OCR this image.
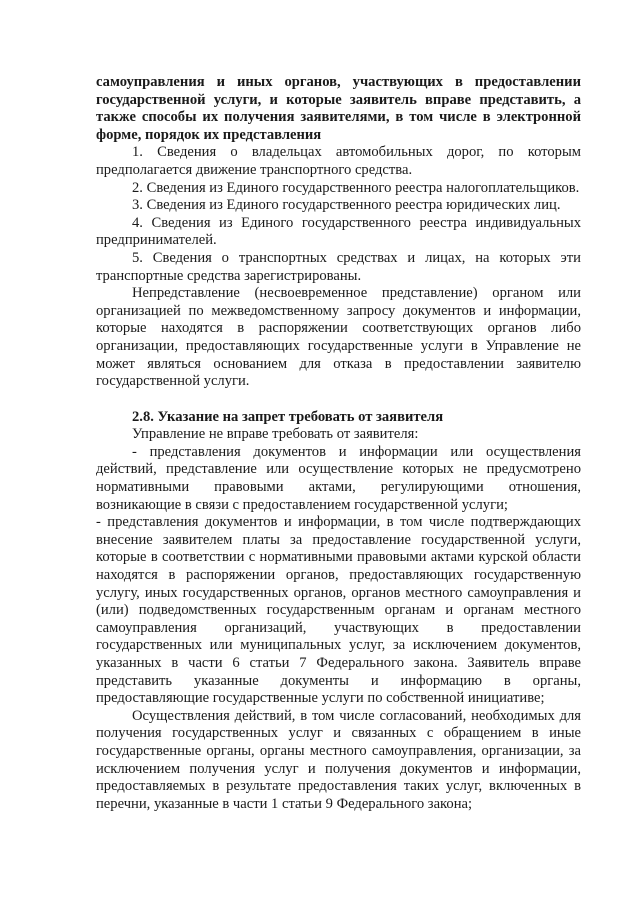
самоуправления и иных органов, участвующих в предоставлении государственной услуги, и которые заявитель вправе представить, а также способы их получения заявителями, в том числе в электронной форме, порядок их представления

1. Сведения о владельцах автомобильных дорог, по которым предполагается движение транспортного средства.

2. Сведения из Единого государственного реестра налогоплательщиков.

3. Сведения из Единого государственного реестра юридических лиц.

4. Сведения из Единого государственного реестра индивидуальных предпринимателей.

5. Сведения о транспортных средствах и лицах, на которых эти транспортные средства зарегистрированы.

Непредставление (несвоевременное представление) органом или организацией по межведомственному запросу документов и информации, которые находятся в распоряжении соответствующих органов либо организации, предоставляющих государственные услуги в Управление не может являться основанием для отказа в предоставлении заявителю государственной услуги.

2.8. Указание на запрет требовать от заявителя

Управление не вправе требовать от заявителя:

- представления документов и информации или осуществления действий, представление или осуществление которых не предусмотрено нормативными правовыми актами, регулирующими отношения, возникающие в связи с предоставлением государственной услуги;

- представления документов и информации, в том числе подтверждающих внесение заявителем платы за предоставление государственной услуги, которые в соответствии с нормативными правовыми актами курской области находятся в распоряжении органов, предоставляющих государственную услугу, иных государственных органов, органов местного самоуправления и (или) подведомственных государственным органам и органам местного самоуправления организаций, участвующих в предоставлении государственных или муниципальных услуг, за исключением документов, указанных в части 6 статьи 7 Федерального закона. Заявитель вправе представить указанные документы и информацию в органы, предоставляющие государственные услуги по собственной инициативе;

Осуществления действий, в том числе согласований, необходимых для получения государственных услуг и связанных с обращением в иные государственные органы, органы местного самоуправления, организации, за исключением получения услуг и получения документов и информации, предоставляемых в результате предоставления таких услуг, включенных в перечни, указанные в части 1 статьи 9 Федерального закона;
